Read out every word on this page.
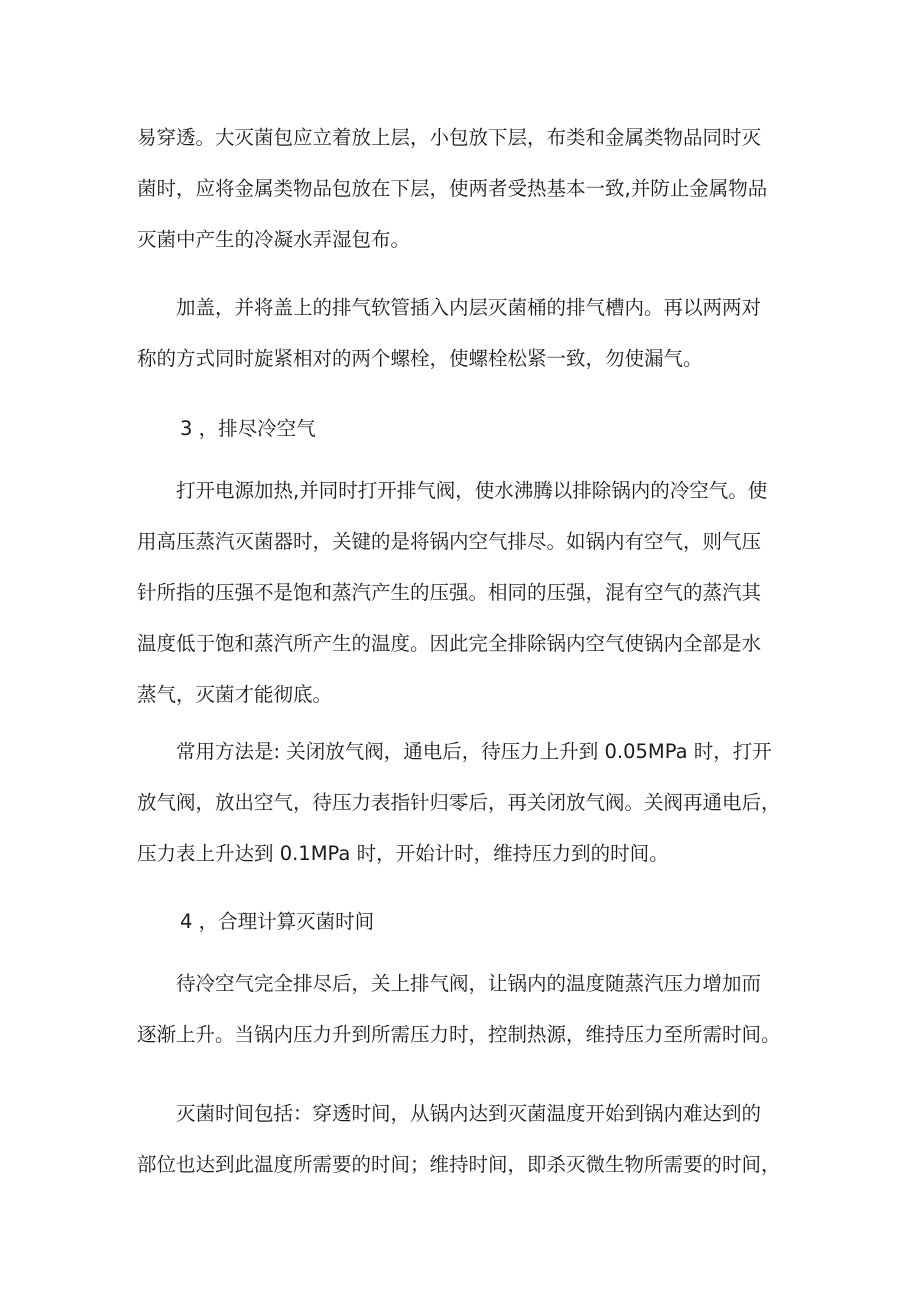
易穿透。大灭菌包应立着放上层，小包放下层，布类和金属类物品同时灭
菌时，应将金属类物品包放在下层，使两者受热基本一致,并防止金属物品
灭菌中产生的冷凝水弄湿包布。

　　加盖，并将盖上的排气软管插入内层灭菌桶的排气槽内。再以两两对
称的方式同时旋紧相对的两个螺栓，使螺栓松紧一致，勿使漏气。

3 ，排尽冷空气

　　打开电源加热,并同时打开排气阀，使水沸腾以排除锅内的冷空气。使
用高压蒸汽灭菌器时，关键的是将锅内空气排尽。如锅内有空气，则气压
针所指的压强不是饱和蒸汽产生的压强。相同的压强，混有空气的蒸汽其
温度低于饱和蒸汽所产生的温度。因此完全排除锅内空气使锅内全部是水
蒸气，灭菌才能彻底。

　　常用方法是: 关闭放气阀，通电后，待压力上升到 0.05MPa 时，打开
放气阀，放出空气，待压力表指针归零后，再关闭放气阀。关阀再通电后，
压力表上升达到 0.1MPa 时，开始计时，维持压力到的时间。

4 ，合理计算灭菌时间

　　待冷空气完全排尽后，关上排气阀，让锅内的温度随蒸汽压力增加而
逐渐上升。当锅内压力升到所需压力时，控制热源，维持压力至所需时间。

　　灭菌时间包括：穿透时间，从锅内达到灭菌温度开始到锅内难达到的
部位也达到此温度所需要的时间；维持时间，即杀灭微生物所需要的时间，
